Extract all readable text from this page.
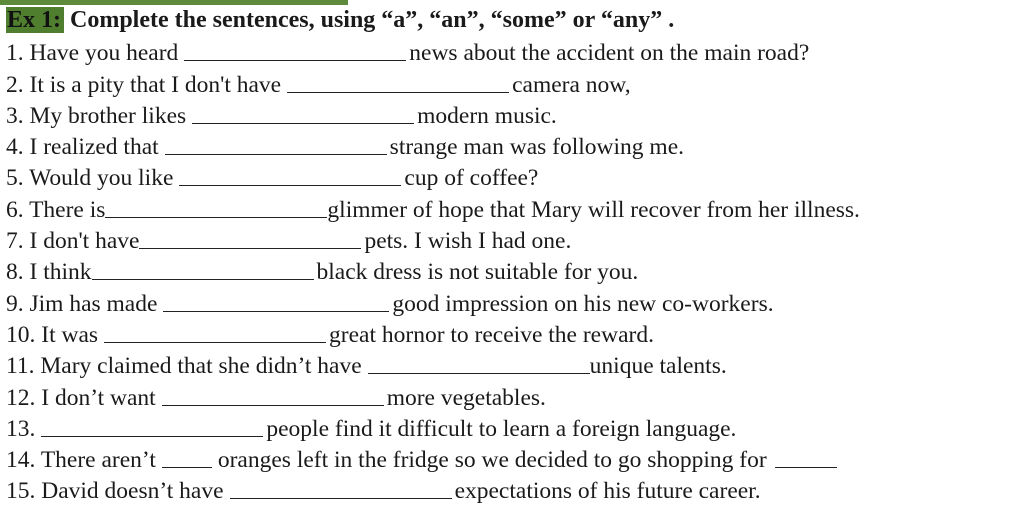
Ex 1: Complete the sentences, using “a”, “an”, “some” or “any” .
1. Have you heard	news about the accident on the main road?
2. It is a pity that I don't have	camera now,
3. My brother likes	modern music.
4. I realized that	strange man was following me.
5. Would you like	cup of coffee?
6. There is	glimmer of hope that Mary will recover from her illness.
7. I don't have	pets. I wish I had one.
8. I think	black dress is not suitable for you.
9. Jim has made	good impression on his new co-workers.
10. It was	great hornor to receive the reward.
11. Mary claimed that she didn’t have	unique talents.
12. I don’t want	more vegetables.
13.	people find it difficult to learn a foreign language.
14. There aren’t	oranges left in the fridge so we decided to go shopping for
15. David doesn’t have	expectations of his future career.
